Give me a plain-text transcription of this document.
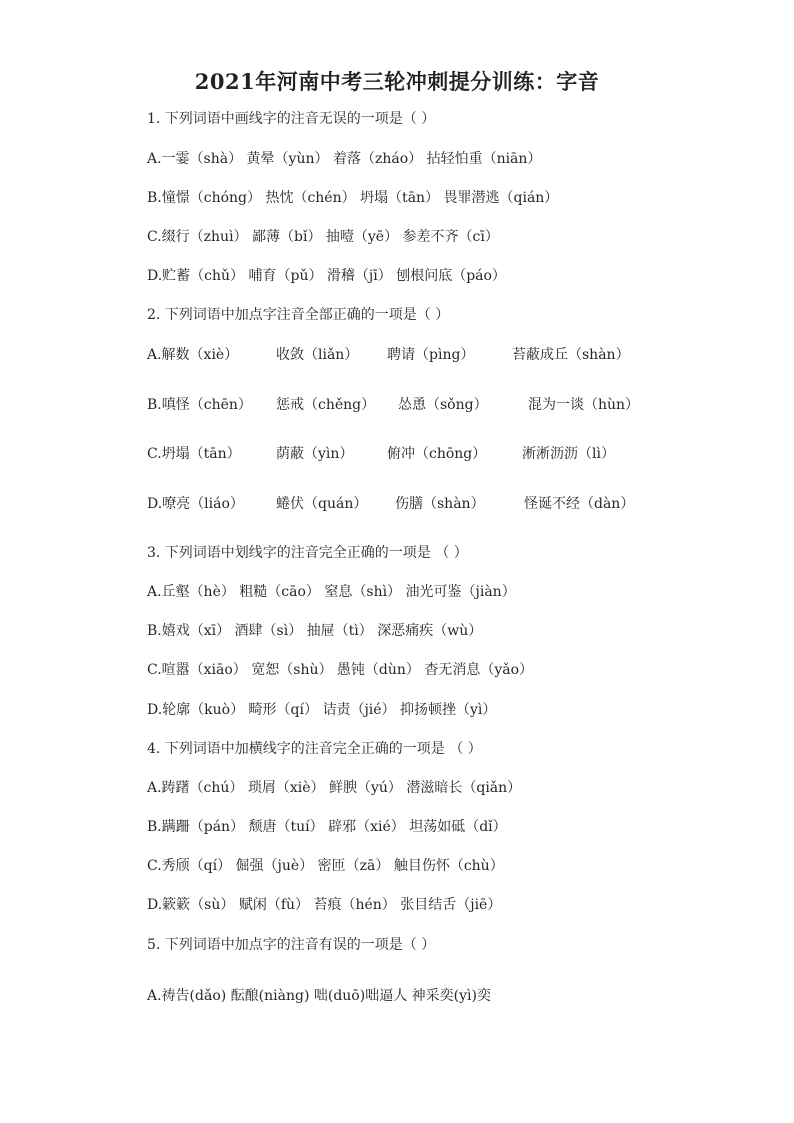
2021年河南中考三轮冲刺提分训练：字音
1. 下列词语中画线字的注音无误的一项是（ ）
A.一霎（shà） 黄晕（yùn） 着落（zháo） 拈轻怕重（niān）
B.憧憬（chóng） 热忱（chén） 坍塌（tān） 畏罪潜逃（qián）
C.缀行（zhuì） 鄙薄（bǐ） 抽噎（yē） 参差不齐（cī）
D.贮蓄（chǔ） 哺育（pǔ） 滑稽（jī） 刨根问底（páo）
2. 下列词语中加点字注音全部正确的一项是（ ）
A.解数（xiè）	收敛（liǎn） 聘请（pìng）	苔蔽成丘（shàn）
B.嗔怪（chēn） 惩戒（chěng） 怂恿（sǒng）	混为一谈（hùn）
C.坍塌（tān）	荫蔽（yìn） 俯冲（chōng）	淅淅沥沥（lì）
D.嘹亮（liáo） 蜷伏（quán） 伤膳（shàn）	怪诞不经（dàn）
3. 下列词语中划线字的注音完全正确的一项是 （ ）
A.丘壑（hè） 粗糙（cāo） 窒息（shì） 油光可鉴（jiàn）
B.嬉戏（xī） 酒肆（sì） 抽屉（tì） 深恶痛疾（wù）
C.喧嚣（xiāo） 宽恕（shù） 愚钝（dùn） 杳无消息（yǎo）
D.轮廓（kuò） 畸形（qí） 诘责（jié） 抑扬顿挫（yì）
4. 下列词语中加横线字的注音完全正确的一项是 （ ）
A.踌躇（chú） 琐屑（xiè） 鲜腴（yú） 潜滋暗长（qiǎn）
B.蹒跚（pán） 颓唐（tuí） 辟邪（xié） 坦荡如砥（dǐ）
C.秀颀（qí） 倔强（juè） 密匝（zā） 触目伤怀（chù）
D.簌簌（sù） 赋闲（fù） 苔痕（hén） 张目结舌（jiē）
5. 下列词语中加点字的注音有误的一项是（ ）
A.祷告(dǎo) 酝酿(niàng) 咄(duō)咄逼人 神采奕(yì)奕
